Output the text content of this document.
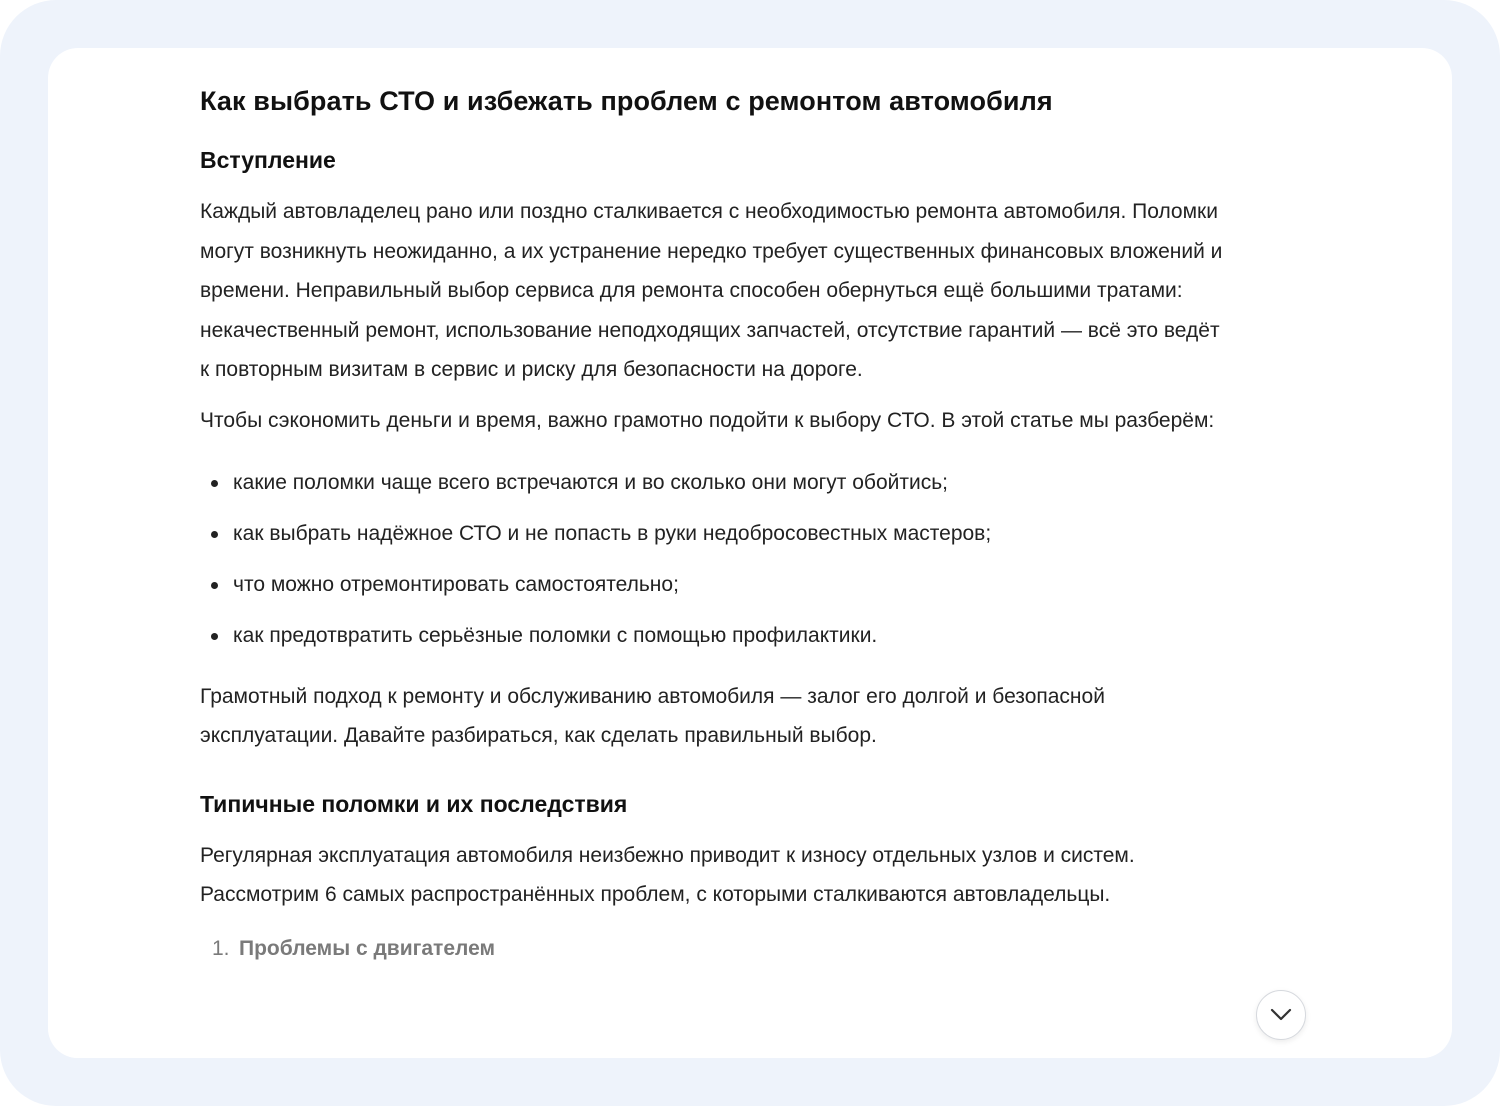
Как выбрать СТО и избежать проблем с ремонтом автомобиля
Вступление

Каждый автовладелец рано или поздно сталкивается с необходимостью ремонта автомобиля. Поломки могут возникнуть неожиданно, а их устранение нередко требует существенных финансовых вложений и времени. Неправильный выбор сервиса для ремонта способен обернуться ещё большими тратами: некачественный ремонт, использование неподходящих запчастей, отсутствие гарантий — всё это ведёт к повторным визитам в сервис и риску для безопасности на дороге.

Чтобы сэкономить деньги и время, важно грамотно подойти к выбору СТО. В этой статье мы разберём:

какие поломки чаще всего встречаются и во сколько они могут обойтись;
как выбрать надёжное СТО и не попасть в руки недобросовестных мастеров;
что можно отремонтировать самостоятельно;
как предотвратить серьёзные поломки с помощью профилактики.

Грамотный подход к ремонту и обслуживанию автомобиля — залог его долгой и безопасной эксплуатации. Давайте разбираться, как сделать правильный выбор.

Типичные поломки и их последствия

Регулярная эксплуатация автомобиля неизбежно приводит к износу отдельных узлов и систем. Рассмотрим 6 самых распространённых проблем, с которыми сталкиваются автовладельцы.

1. Проблемы с двигателем
